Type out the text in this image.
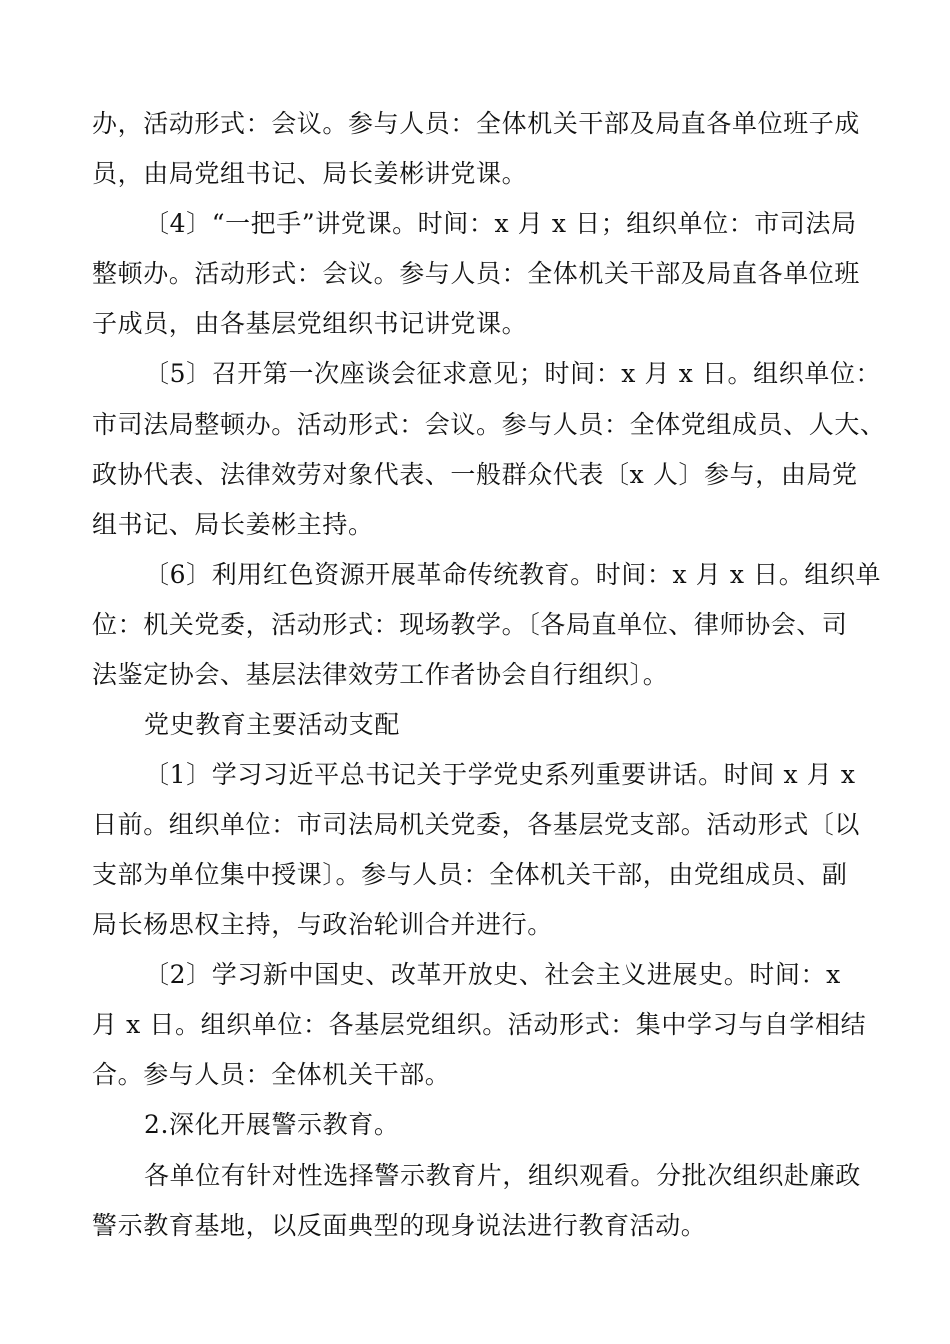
办，活动形式：会议。参与人员：全体机关干部及局直各单位班子成
员，由局党组书记、局长姜彬讲党课。
〔4〕“一把手”讲党课。时间：x 月 x 日；组织单位：市司法局
整顿办。活动形式：会议。参与人员：全体机关干部及局直各单位班
子成员，由各基层党组织书记讲党课。
〔5〕召开第一次座谈会征求意见；时间：x 月 x 日。组织单位：
市司法局整顿办。活动形式：会议。参与人员：全体党组成员、人大、
政协代表、法律效劳对象代表、一般群众代表〔x 人〕参与，由局党
组书记、局长姜彬主持。
〔6〕利用红色资源开展革命传统教育。时间：x 月 x 日。组织单
位：机关党委，活动形式：现场教学。〔各局直单位、律师协会、司
法鉴定协会、基层法律效劳工作者协会自行组织〕。
党史教育主要活动支配
〔1〕学习习近平总书记关于学党史系列重要讲话。时间 x 月 x
日前。组织单位：市司法局机关党委，各基层党支部。活动形式〔以
支部为单位集中授课〕。参与人员：全体机关干部，由党组成员、副
局长杨思权主持，与政治轮训合并进行。
〔2〕学习新中国史、改革开放史、社会主义进展史。时间：x
月 x 日。组织单位：各基层党组织。活动形式：集中学习与自学相结
合。参与人员：全体机关干部。
2.深化开展警示教育。
各单位有针对性选择警示教育片，组织观看。分批次组织赴廉政
警示教育基地，以反面典型的现身说法进行教育活动。
